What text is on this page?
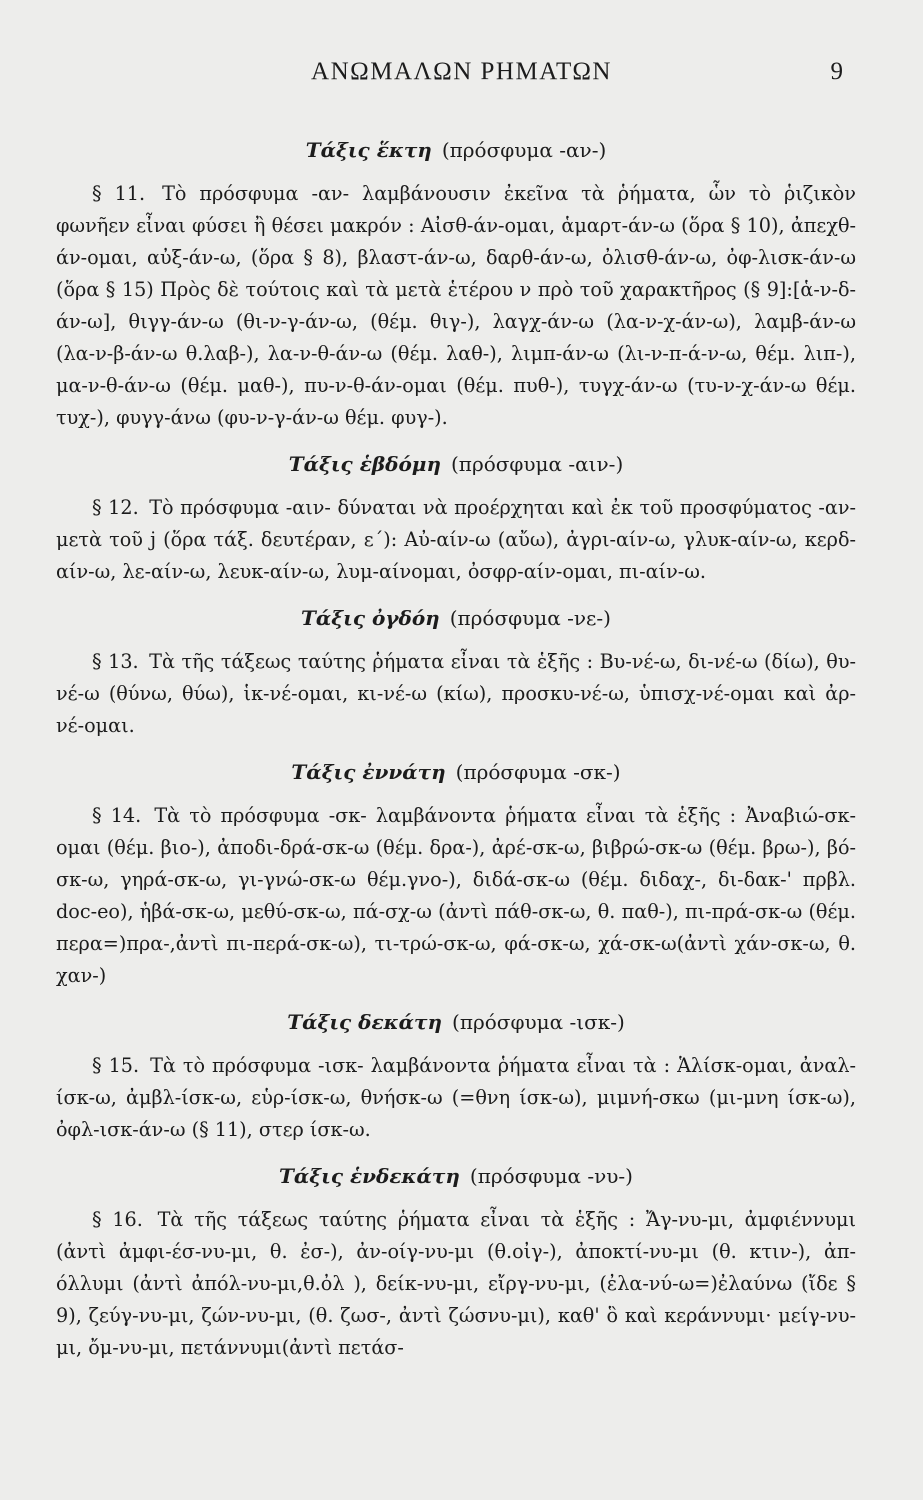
ΑΝΩΜΑΛΩΝ ΡΗΜΑΤΩΝ	9
Τάξις ἕκτη (πρόσφυμα -αν-)

§ 11. Τὸ πρόσφυμα -αν- λαμβάνουσιν ἐκεῖνα τὰ ῥήματα, ὧν τὸ ῥιζικὸν φωνῆεν εἶναι φύσει ἢ θέσει μακρόν : Αἰσθ-άν-ομαι, ἁμαρτ-άν-ω (ὅρα § 10), ἀπεχθ-άν-ομαι, αὐξ-άν-ω, (ὅρα § 8), βλαστ-άν-ω, δαρθ-άν-ω, ὀλισθ-άν-ω, ὀφ-λισκ-άν-ω (ὅρα § 15) Πρὸς δὲ τούτοις καὶ τὰ μετὰ ἑτέρου ν πρὸ τοῦ χαρακτῆρος (§ 9]:[ἁ-ν-δ-άν-ω], θιγγ-άν-ω (θι-ν-γ-άν-ω, (θέμ. θιγ-), λαγχ-άν-ω (λα-ν-χ-άν-ω), λαμβ-άν-ω (λα-ν-β-άν-ω θ.λαβ-), λα-ν-θ-άν-ω (θέμ. λαθ-), λιμπ-άν-ω (λι-ν-π-ά-ν-ω, θέμ. λιπ-), μα-ν-θ-άν-ω (θέμ. μαθ-), πυ-ν-θ-άν-ομαι (θέμ. πυθ-), τυγχ-άν-ω (τυ-ν-χ-άν-ω θέμ. τυχ-), φυγγ-άνω (φυ-ν-γ-άν-ω θέμ. φυγ-).

Τάξις ἑβδόμη (πρόσφυμα -αιν-)

§ 12. Τὸ πρόσφυμα -αιν- δύναται νὰ προέρχηται καὶ ἐκ τοῦ προσφύματος -αν- μετὰ τοῦ j (ὅρα τάξ. δευτέραν, ε΄): Αὐ-αίν-ω (αὔω), ἀγρι-αίν-ω, γλυκ-αίν-ω, κερδ-αίν-ω, λε-αίν-ω, λευκ-αίν-ω, λυμ-αίνομαι, ὀσφρ-αίν-ομαι, πι-αίν-ω.

Τάξις ὀγδόη (πρόσφυμα -νε-)

§ 13. Τὰ τῆς τάξεως ταύτης ῥήματα εἶναι τὰ ἑξῆς : Βυ-νέ-ω, δι-νέ-ω (δίω), θυ-νέ-ω (θύνω, θύω), ἱκ-νέ-ομαι, κι-νέ-ω (κίω), προσκυ-νέ-ω, ὑπισχ-νέ-ομαι καὶ ἀρ-νέ-ομαι.

Τάξις ἐννάτη (πρόσφυμα -σκ-)

§ 14. Τὰ τὸ πρόσφυμα -σκ- λαμβάνοντα ῥήματα εἶναι τὰ ἑξῆς : Ἀναβιώ-σκ-ομαι (θέμ. βιο-), ἀποδι-δρά-σκ-ω (θέμ. δρα-), ἀρέ-σκ-ω, βιβρώ-σκ-ω (θέμ. βρω-), βό-σκ-ω, γηρά-σκ-ω, γι-γνώ-σκ-ω θέμ.γνο-), διδά-σκ-ω (θέμ. διδαχ-, δι-δακ-' πρβλ. doc-eo), ἡβά-σκ-ω, μεθύ-σκ-ω, πά-σχ-ω (ἀντὶ πάθ-σκ-ω, θ. παθ-), πι-πρά-σκ-ω (θέμ. περα=)πρα-,ἀντὶ πι-περά-σκ-ω), τι-τρώ-σκ-ω, φά-σκ-ω, χά-σκ-ω(ἀντὶ χάν-σκ-ω, θ. χαν-)

Τάξις δεκάτη (πρόσφυμα -ισκ-)

§ 15. Τὰ τὸ πρόσφυμα -ισκ- λαμβάνοντα ῥήματα εἶναι τὰ : Ἁλίσκ-ομαι, ἀναλ-ίσκ-ω, ἀμβλ-ίσκ-ω, εὑρ-ίσκ-ω, θνήσκ-ω (=θνη ίσκ-ω), μιμνή-σκω (μι-μνη ίσκ-ω), ὀφλ-ισκ-άν-ω (§ 11), στερ ίσκ-ω.

Τάξις ἑνδεκάτη (πρόσφυμα -νυ-)

§ 16. Τὰ τῆς τάξεως ταύτης ῥήματα εἶναι τὰ ἑξῆς : Ἄγ-νυ-μι, ἀμφιέννυμι (ἀντὶ ἀμφι-έσ-νυ-μι, θ. ἐσ-), ἀν-οίγ-νυ-μι (θ.οἰγ-), ἀποκτί-νυ-μι (θ. κτιν-), ἀπ-όλλυμι (ἀντὶ ἀπόλ-νυ-μι,θ.ὀλ ), δείκ-νυ-μι, εἴργ-νυ-μι, (ἐλα-νύ-ω=)ἐλαύνω (ἴδε § 9), ζεύγ-νυ-μι, ζών-νυ-μι, (θ. ζωσ-, ἀντὶ ζώσνυ-μι), καθ' ὃ καὶ κεράννυμι· μείγ-νυ-μι, ὄμ-νυ-μι, πετάννυμι(ἀντὶ πετάσ-
